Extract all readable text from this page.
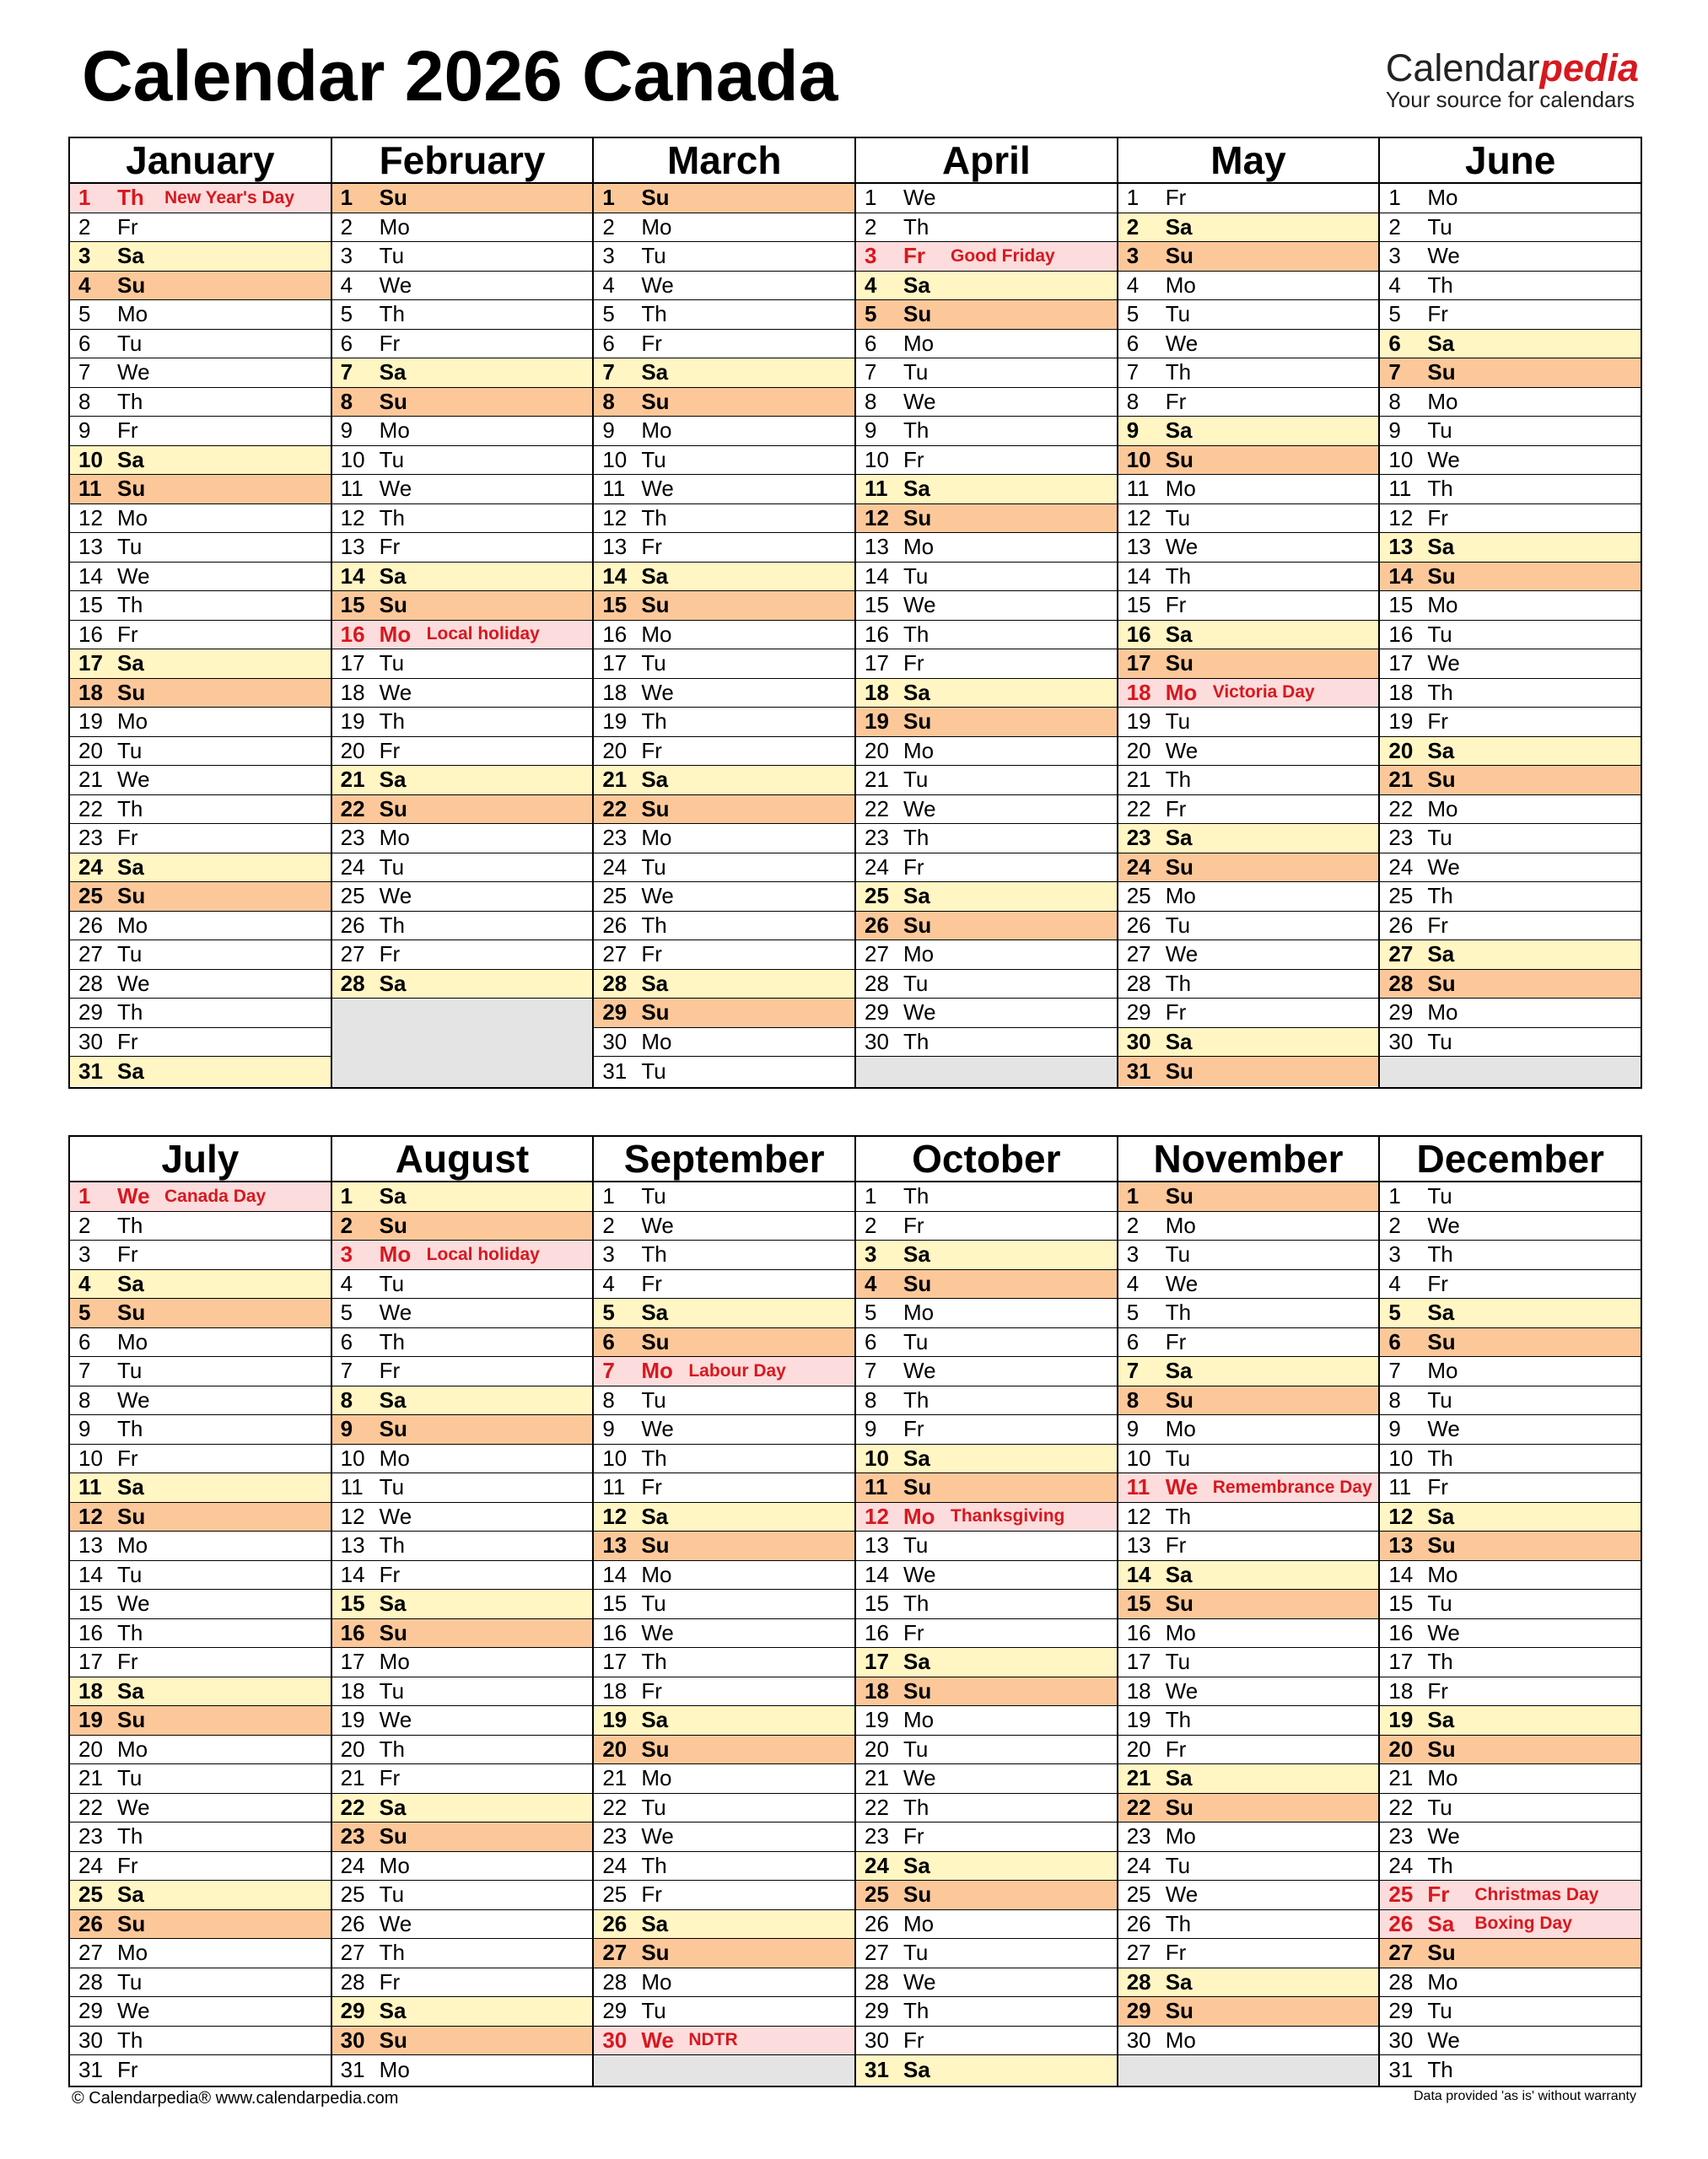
Calendar 2026 Canada	Calendarpedia
Your source for calendars
January
1	Th	New Year's Day
2	Fr
3	Sa
4	Su
5	Mo
6	Tu
7	We
8	Th
9	Fr
10 Sa
11 Su
12 Mo
13 Tu
14 We
15 Th
16 Fr
17 Sa
18 Su
19 Mo
20 Tu
21 We
22 Th
23 Fr
24 Sa
25 Su
26 Mo
27 Tu
28 We
29 Th
30 Fr
31 Sa
February
1	Su
2	Mo
3	Tu
4	We
5	Th
6	Fr
7	Sa
8	Su
9	Mo
10 Tu
11 We
12 Th
13 Fr
14 Sa
15 Su
16 Mo Local holiday
17 Tu
18 We
19 Th
20 Fr
21 Sa
22 Su
23 Mo
24 Tu
25 We
26 Th
27 Fr
28 Sa
March
1	Su
2	Mo
3	Tu
4	We
5	Th
6	Fr
7	Sa
8	Su
9	Mo
10 Tu
11 We
12 Th
13 Fr
14 Sa
15 Su
16 Mo
17 Tu
18 We
19 Th
20 Fr
21 Sa
22 Su
23 Mo
24 Tu
25 We
26 Th
27 Fr
28 Sa
29 Su
30 Mo
31 Tu
April
1	We
2	Th
3	Fr	Good Friday
4	Sa
5	Su
6	Mo
7	Tu
8	We
9	Th
10 Fr
11 Sa
12 Su
13 Mo
14 Tu
15 We
16 Th
17 Fr
18 Sa
19 Su
20 Mo
21 Tu
22 We
23 Th
24 Fr
25 Sa
26 Su
27 Mo
28 Tu
29 We
30 Th
May
1	Fr
2	Sa
3	Su
4	Mo
5	Tu
6	We
7	Th
8	Fr
9	Sa
10 Su
11 Mo
12 Tu
13 We
14 Th
15 Fr
16 Sa
17 Su
18 Mo Victoria Day
19 Tu
20 We
21 Th
22 Fr
23 Sa
24 Su
25 Mo
26 Tu
27 We
28 Th
29 Fr
30 Sa
31 Su
June
1	Mo
2	Tu
3	We
4	Th
5	Fr
6	Sa
7	Su
8	Mo
9	Tu
10 We
11 Th
12 Fr
13 Sa
14 Su
15 Mo
16 Tu
17 We
18 Th
19 Fr
20 Sa
21 Su
22 Mo
23 Tu
24 We
25 Th
26 Fr
27 Sa
28 Su
29 Mo
30 Tu
July
1	We Canada Day
2	Th
3	Fr
4	Sa
5	Su
6	Mo
7	Tu
8	We
9	Th
10 Fr
11 Sa
12 Su
13 Mo
14 Tu
15 We
16 Th
17 Fr
18 Sa
19 Su
20 Mo
21 Tu
22 We
23 Th
24 Fr
25 Sa
26 Su
27 Mo
28 Tu
29 We
30 Th
31 Fr
August
1	Sa
2	Su
3	Mo Local holiday
4	Tu
5	We
6	Th
7	Fr
8	Sa
9	Su
10 Mo
11 Tu
12 We
13 Th
14 Fr
15 Sa
16 Su
17 Mo
18 Tu
19 We
20 Th
21 Fr
22 Sa
23 Su
24 Mo
25 Tu
26 We
27 Th
28 Fr
29 Sa
30 Su
31 Mo
September
1	Tu
2	We
3	Th
4	Fr
5	Sa
6	Su
7	Mo Labour Day
8	Tu
9	We
10 Th
11 Fr
12 Sa
13 Su
14 Mo
15 Tu
16 We
17 Th
18 Fr
19 Sa
20 Su
21 Mo
22 Tu
23 We
24 Th
25 Fr
26 Sa
27 Su
28 Mo
29 Tu
30 We NDTR
October
1	Th
2	Fr
3	Sa
4	Su
5	Mo
6	Tu
7	We
8	Th
9	Fr
10 Sa
11 Su
12 Mo Thanksgiving
13 Tu
14 We
15 Th
16 Fr
17 Sa
18 Su
19 Mo
20 Tu
21 We
22 Th
23 Fr
24 Sa
25 Su
26 Mo
27 Tu
28 We
29 Th
30 Fr
31 Sa
November
1	Su
2	Mo
3	Tu
4	We
5	Th
6	Fr
7	Sa
8	Su
9	Mo
10 Tu
11 We Remembrance Day
12 Th
13 Fr
14 Sa
15 Su
16 Mo
17 Tu
18 We
19 Th
20 Fr
21 Sa
22 Su
23 Mo
24 Tu
25 We
26 Th
27 Fr
28 Sa
29 Su
30 Mo
December
1	Tu
2	We
3	Th
4	Fr
5	Sa
6	Su
7	Mo
8	Tu
9	We
10 Th
11 Fr
12 Sa
13 Su
14 Mo
15 Tu
16 We
17 Th
18 Fr
19 Sa
20 Su
21 Mo
22 Tu
23 We
24 Th
25 Fr	Christmas Day
26 Sa	Boxing Day
27 Su
28 Mo
29 Tu
30 We
31 Th
© Calendarpedia® www.calendarpedia.com	Data provided 'as is' without warranty
